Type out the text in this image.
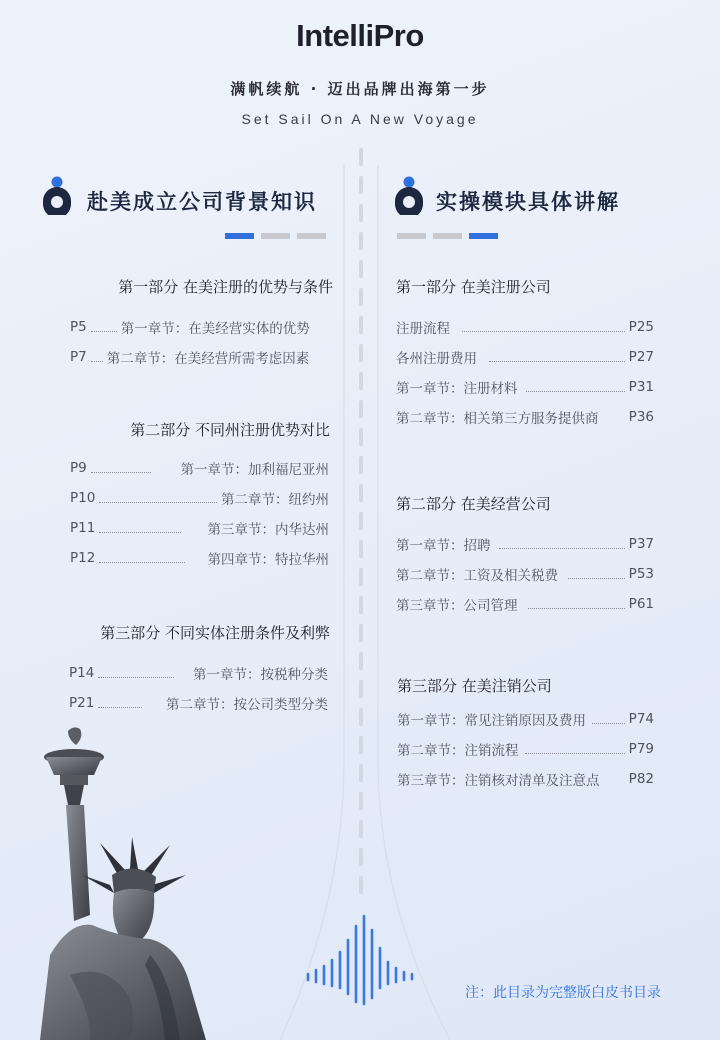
IntelliPro
满帆续航 · 迈出品牌出海第一步
Set Sail On A New Voyage
赴美成立公司背景知识	实操模块具体讲解
第一部分 在美注册的优势与条件
P5	第一章节：在美经营实体的优势
P7 第二章节：在美经营所需考虑因素
第二部分 不同州注册优势对比
P9	第一章节：加利福尼亚州
P10	第二章节：纽约州
P11	第三章节：内华达州
P12	第四章节：特拉华州
第三部分 不同实体注册条件及利弊
P14	第一章节：按税种分类
P21	第二章节：按公司类型分类
第一部分 在美注册公司
注册流程	P25
各州注册费用	P27
第一章节：注册材料	P31
第二章节：相关第三方服务提供商 P36
第二部分 在美经营公司
第一章节：招聘	P37
第二章节：工资及相关税费	P53
第三章节：公司管理	P61
第三部分 在美注销公司
第一章节：常见注销原因及费用	P74
第二章节：注销流程	P79
第三章节：注销核对清单及注意点 P82
注：此目录为完整版白皮书目录
